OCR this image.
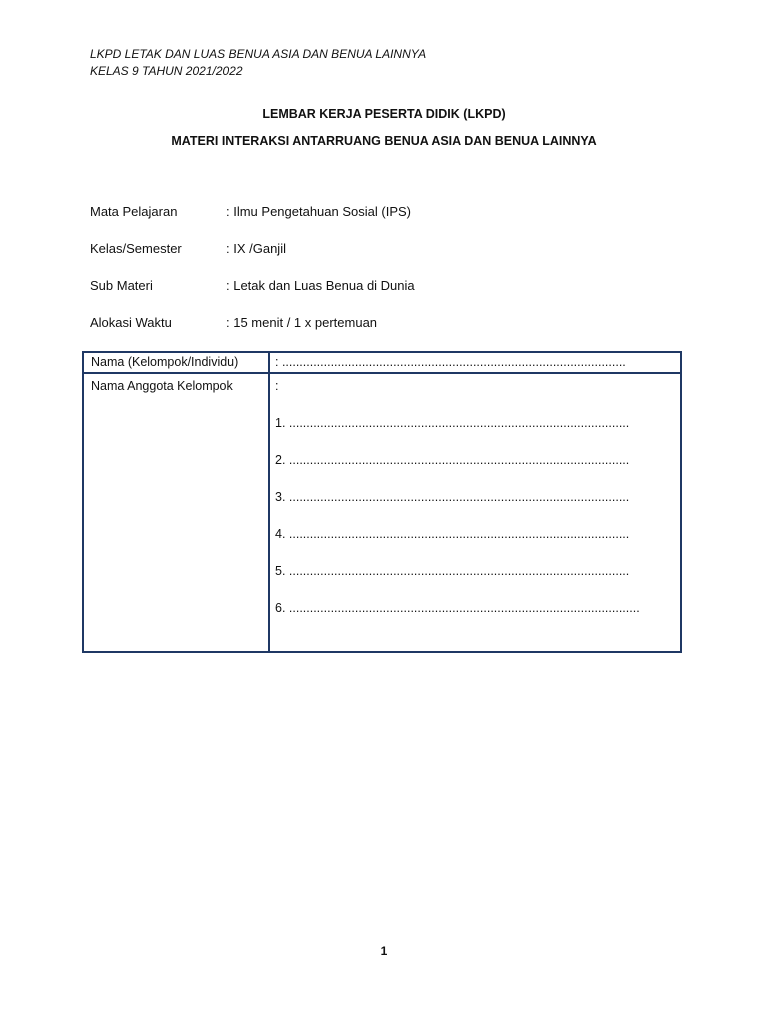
LKPD LETAK DAN LUAS BENUA ASIA DAN BENUA LAINNYA
KELAS 9 TAHUN 2021/2022
LEMBAR KERJA PESERTA DIDIK (LKPD)
MATERI INTERAKSI ANTARRUANG BENUA ASIA DAN BENUA LAINNYA
Mata Pelajaran	: Ilmu Pengetahuan Sosial (IPS)
Kelas/Semester	: IX /Ganjil
Sub Materi	: Letak dan Luas Benua di Dunia
Alokasi Waktu	: 15 menit / 1 x pertemuan
Nama (Kelompok/Individu)	: ...................................................................................................
Nama Anggota Kelompok	:
1. ..................................................................................................
2. ..................................................................................................
3. ..................................................................................................
4. ..................................................................................................
5. ..................................................................................................
6. .....................................................................................................
1
